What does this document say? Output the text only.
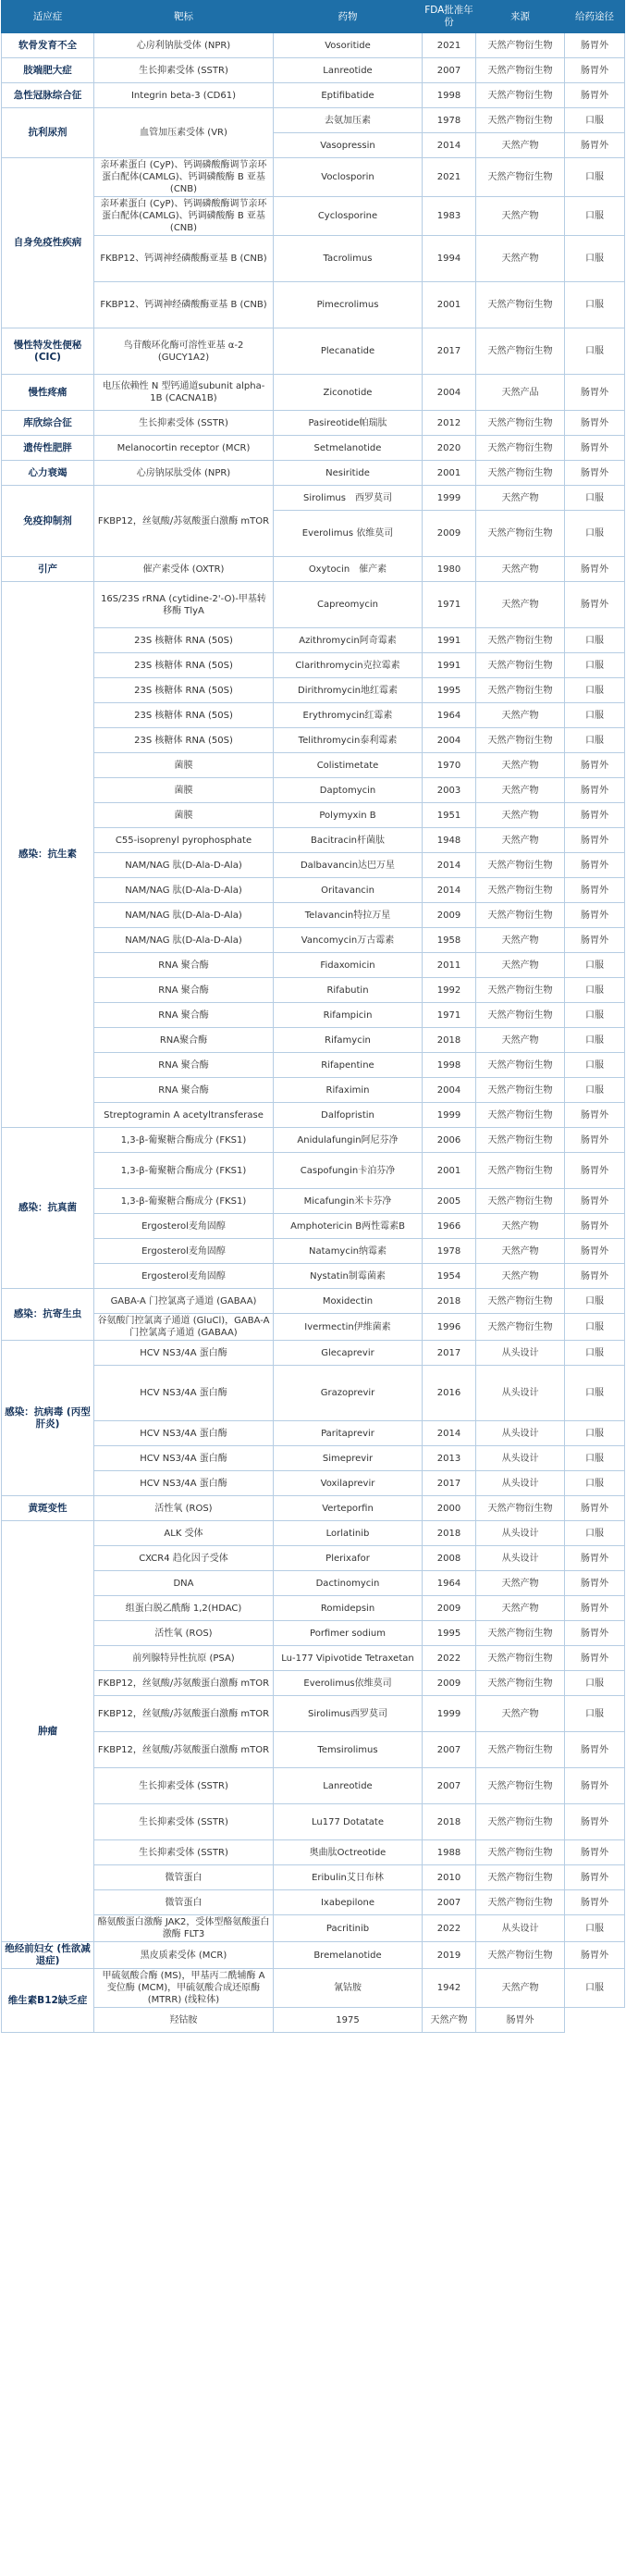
适应症	靶标	药物	FDA批准年份	来源	给药途径
软骨发育不全	心房利钠肽受体 (NPR)	Vosoritide	2021	天然产物衍生物	肠胃外
肢端肥大症	生长抑素受体 (SSTR)	Lanreotide	2007	天然产物衍生物	肠胃外
急性冠脉综合征	Integrin beta-3 (CD61)	Eptifibatide	1998	天然产物衍生物	肠胃外
抗利尿剂	血管加压素受体 (VR)	去氨加压素	1978	天然产物衍生物	口服
		Vasopressin	2014	天然产物	肠胃外
自身免疫性疾病	亲环素蛋白 (CyP)、钙调磷酸酶调节亲环蛋白配体(CAMLG)、钙调磷酸酶 B 亚基 (CNB)	Voclosporin	2021	天然产物衍生物	口服
	亲环素蛋白 (CyP)、钙调磷酸酶调节亲环蛋白配体(CAMLG)、钙调磷酸酶 B 亚基 (CNB)	Cyclosporine	1983	天然产物	口服
	FKBP12、钙调神经磷酸酶亚基 B (CNB)	Tacrolimus	1994	天然产物	口服
	FKBP12、钙调神经磷酸酶亚基 B (CNB)	Pimecrolimus	2001	天然产物衍生物	口服
慢性特发性便秘 (CIC)	鸟苷酸环化酶可溶性亚基 α-2 (GUCY1A2)	Plecanatide	2017	天然产物衍生物	口服
慢性疼痛	电压依赖性 N 型钙通道subunit alpha-1B (CACNA1B)	Ziconotide	2004	天然产品	肠胃外
库欣综合征	生长抑素受体 (SSTR)	Pasireotide帕瑞肽	2012	天然产物衍生物	肠胃外
遗传性肥胖	Melanocortin receptor (MCR)	Setmelanotide	2020	天然产物衍生物	肠胃外
心力衰竭	心房钠尿肽受体 (NPR)	Nesiritide	2001	天然产物衍生物	肠胃外
免疫抑制剂	FKBP12，丝氨酸/苏氨酸蛋白激酶 mTOR	Sirolimus　西罗莫司	1999	天然产物	口服
		Everolimus 依维莫司	2009	天然产物衍生物	口服
引产	催产素受体 (OXTR)	Oxytocin　催产素	1980	天然产物	肠胃外
感染：抗生素	16S/23S rRNA (cytidine-2'-O)-甲基转移酶 TlyA	Capreomycin	1971	天然产物	肠胃外
	23S 核糖体 RNA (50S)	Azithromycin阿奇霉素	1991	天然产物衍生物	口服
	23S 核糖体 RNA (50S)	Clarithromycin克拉霉素	1991	天然产物衍生物	口服
	23S 核糖体 RNA (50S)	Dirithromycin地红霉素	1995	天然产物衍生物	口服
	23S 核糖体 RNA (50S)	Erythromycin红霉素	1964	天然产物	口服
	23S 核糖体 RNA (50S)	Telithromycin泰利霉素	2004	天然产物衍生物	口服
	菌膜	Colistimetate	1970	天然产物	肠胃外
	菌膜	Daptomycin	2003	天然产物	肠胃外
	菌膜	Polymyxin B	1951	天然产物	肠胃外
	C55-isoprenyl pyrophosphate	Bacitracin杆菌肽	1948	天然产物	肠胃外
	NAM/NAG 肽(D-Ala-D-Ala)	Dalbavancin达巴万星	2014	天然产物衍生物	肠胃外
	NAM/NAG 肽(D-Ala-D-Ala)	Oritavancin	2014	天然产物衍生物	肠胃外
	NAM/NAG 肽(D-Ala-D-Ala)	Telavancin特拉万星	2009	天然产物衍生物	肠胃外
	NAM/NAG 肽(D-Ala-D-Ala)	Vancomycin万古霉素	1958	天然产物	肠胃外
	RNA 聚合酶	Fidaxomicin	2011	天然产物	口服
	RNA 聚合酶	Rifabutin	1992	天然产物衍生物	口服
	RNA 聚合酶	Rifampicin	1971	天然产物衍生物	口服
	RNA聚合酶	Rifamycin	2018	天然产物	口服
	RNA 聚合酶	Rifapentine	1998	天然产物衍生物	口服
	RNA 聚合酶	Rifaximin	2004	天然产物衍生物	口服
	Streptogramin A acetyltransferase	Dalfopristin	1999	天然产物衍生物	肠胃外
感染：抗真菌	1,3-β-葡聚糖合酶成分 (FKS1)	Anidulafungin阿尼芬净	2006	天然产物衍生物	肠胃外
	1,3-β-葡聚糖合酶成分 (FKS1)	Caspofungin卡泊芬净	2001	天然产物衍生物	肠胃外
	1,3-β-葡聚糖合酶成分 (FKS1)	Micafungin米卡芬净	2005	天然产物衍生物	肠胃外
	Ergosterol麦角固醇	Amphotericin B两性霉素B	1966	天然产物	肠胃外
	Ergosterol麦角固醇	Natamycin纳霉素	1978	天然产物	肠胃外
	Ergosterol麦角固醇	Nystatin制霉菌素	1954	天然产物	肠胃外
感染：抗寄生虫	GABA-A 门控氯离子通道 (GABAA)	Moxidectin	2018	天然产物衍生物	口服
	谷氨酸门控氯离子通道 (GluCl)，GABA-A 门控氯离子通道 (GABAA)	Ivermectin伊维菌素	1996	天然产物衍生物	口服
感染：抗病毒 (丙型肝炎)	HCV NS3/4A 蛋白酶	Glecaprevir	2017	从头设计	口服
	HCV NS3/4A 蛋白酶	Grazoprevir	2016	从头设计	口服
	HCV NS3/4A 蛋白酶	Paritaprevir	2014	从头设计	口服
	HCV NS3/4A 蛋白酶	Simeprevir	2013	从头设计	口服
	HCV NS3/4A 蛋白酶	Voxilaprevir	2017	从头设计	口服
黄斑变性	活性氧 (ROS)	Verteporfin	2000	天然产物衍生物	肠胃外
肿瘤	ALK 受体	Lorlatinib	2018	从头设计	口服
	CXCR4 趋化因子受体	Plerixafor	2008	从头设计	肠胃外
	DNA	Dactinomycin	1964	天然产物	肠胃外
	组蛋白脱乙酰酶 1,2(HDAC)	Romidepsin	2009	天然产物	肠胃外
	活性氧 (ROS)	Porfimer sodium	1995	天然产物衍生物	肠胃外
	前列腺特异性抗原 (PSA)	Lu-177 Vipivotide Tetraxetan	2022	天然产物衍生物	肠胃外
	FKBP12，丝氨酸/苏氨酸蛋白激酶 mTOR	Everolimus依维莫司	2009	天然产物衍生物	口服
	FKBP12，丝氨酸/苏氨酸蛋白激酶 mTOR	Sirolimus西罗莫司	1999	天然产物	口服
	FKBP12，丝氨酸/苏氨酸蛋白激酶 mTOR	Temsirolimus	2007	天然产物衍生物	肠胃外
	生长抑素受体 (SSTR)	Lanreotide	2007	天然产物衍生物	肠胃外
	生长抑素受体 (SSTR)	Lu177 Dotatate	2018	天然产物衍生物	肠胃外
	生长抑素受体 (SSTR)	奥曲肽Octreotide	1988	天然产物衍生物	肠胃外
	微管蛋白	Eribulin艾日布林	2010	天然产物衍生物	肠胃外
	微管蛋白	Ixabepilone	2007	天然产物衍生物	肠胃外
	酪氨酸蛋白激酶 JAK2，受体型酪氨酸蛋白激酶 FLT3	Pacritinib	2022	从头设计	口服
绝经前妇女 (性欲减退症)	黑皮质素受体 (MCR)	Bremelanotide	2019	天然产物衍生物	肠胃外
维生素B12缺乏症	甲硫氨酸合酶 (MS)，甲基丙二酰辅酶 A 变位酶 (MCM)，甲硫氨酸合成还原酶 (MTRR) (线粒体)	氰钴胺	1942	天然产物	口服
	羟钴胺	1975	天然产物	肠胃外	
